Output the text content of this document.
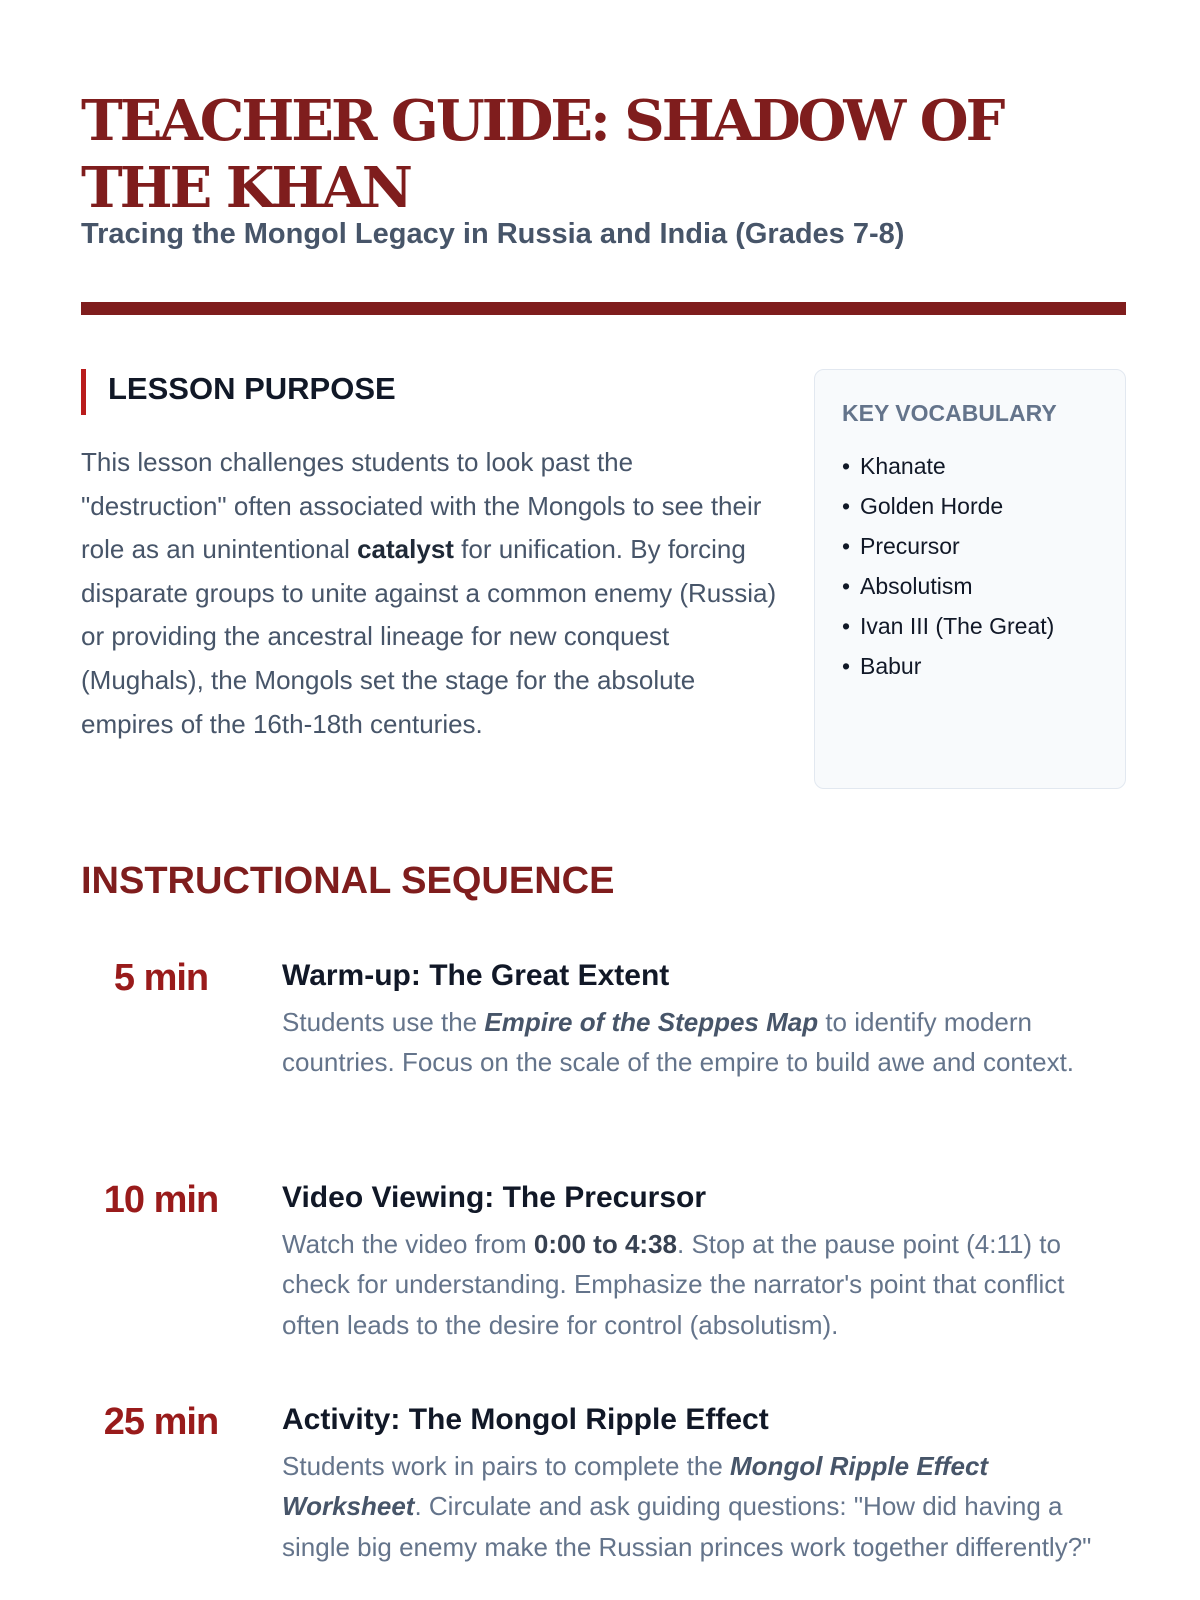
TEACHER GUIDE: SHADOW OF THE KHAN

Tracing the Mongol Legacy in Russia and India (Grades 7-8)

LESSON PURPOSE

This lesson challenges students to look past the "destruction" often associated with the Mongols to see their role as an unintentional catalyst for unification. By forcing disparate groups to unite against a common enemy (Russia) or providing the ancestral lineage for new conquest (Mughals), the Mongols set the stage for the absolute empires of the 16th-18th centuries.

KEY VOCABULARY
• Khanate
• Golden Horde
• Precursor
• Absolutism
• Ivan III (The Great)
• Babur
INSTRUCTIONAL SEQUENCE
5 min	Warm-up: The Great Extent

Students use the Empire of the Steppes Map to identify modern countries. Focus on the scale of the empire to build awe and context.

10 min	Video Viewing: The Precursor

Watch the video from 0:00 to 4:38. Stop at the pause point (4:11) to check for understanding. Emphasize the narrator's point that conflict often leads to the desire for control (absolutism).

25 min	Activity: The Mongol Ripple Effect

Students work in pairs to complete the Mongol Ripple Effect Worksheet. Circulate and ask guiding questions: "How did having a single big enemy make the Russian princes work together differently?"
